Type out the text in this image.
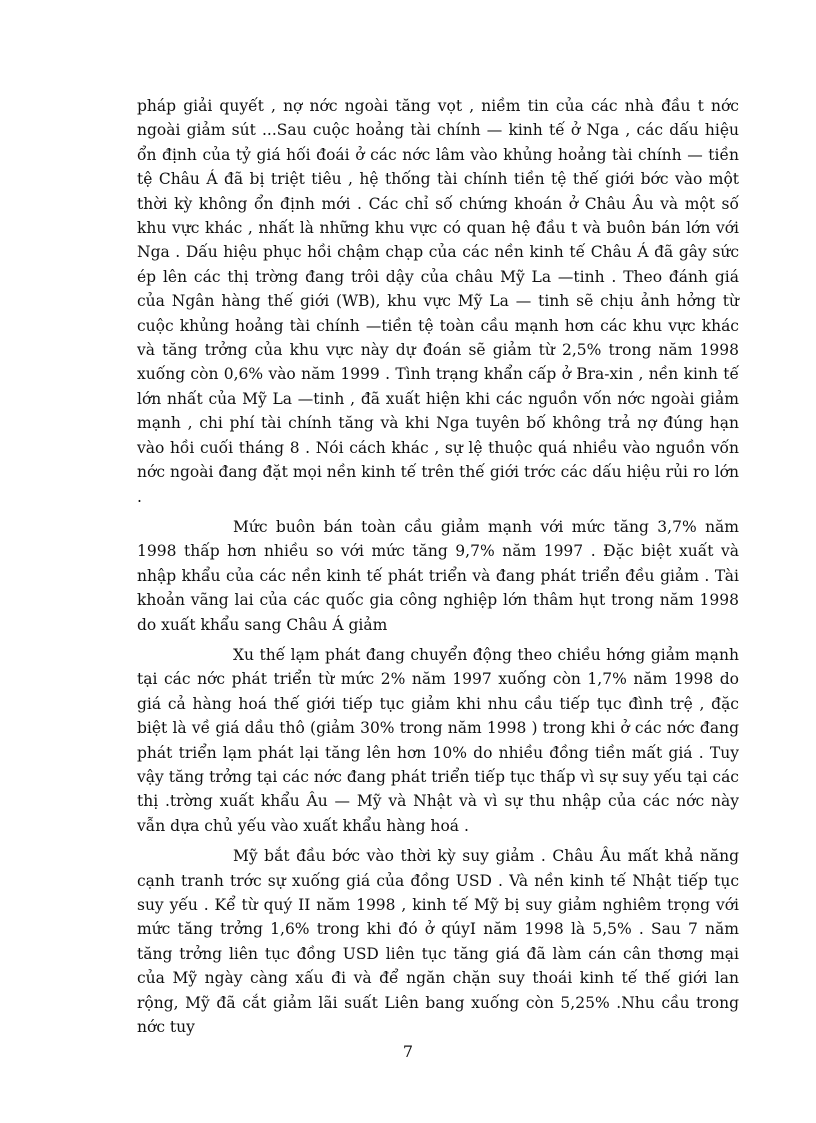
pháp giải quyết , nợ nớc ngoài tăng vọt , niềm tin của các nhà đầu t nớc ngoài giảm sút ...Sau cuộc hoảng tài chính — kinh tế ở Nga , các dấu hiệu ổn định của tỷ giá hối đoái ở các nớc lâm vào khủng hoảng tài chính — tiền tệ Châu Á đã bị triệt tiêu , hệ thống tài chính tiền tệ thế giới bớc vào một thời kỳ không ổn định mới . Các chỉ số chứng khoán ở Châu Âu và một số khu vực khác , nhất là những khu vực có quan hệ đầu t và buôn bán lớn với Nga . Dấu hiệu phục hồi chậm chạp của các nền kinh tế Châu Á đã gây sức ép lên các thị trờng đang trôi dậy của châu Mỹ La —tinh . Theo đánh giá của Ngân hàng thế giới (WB), khu vực Mỹ La — tinh sẽ chịu ảnh hởng từ cuộc khủng hoảng tài chính —tiền tệ toàn cầu mạnh hơn các khu vực khác và tăng trởng của khu vực này dự đoán sẽ giảm từ 2,5% trong năm 1998 xuống còn 0,6% vào năm 1999 . Tình trạng khẩn cấp ở Bra-xin , nền kinh tế lớn nhất của Mỹ La —tinh , đã xuất hiện khi các nguồn vốn nớc ngoài giảm mạnh , chi phí tài chính tăng và khi Nga tuyên bố không trả nợ đúng hạn vào hồi cuối tháng 8 . Nói cách khác , sự lệ thuộc quá nhiều vào nguồn vốn nớc ngoài đang đặt mọi nền kinh tế trên thế giới trớc các dấu hiệu rủi ro lớn .

Mức buôn bán toàn cầu giảm mạnh với mức tăng 3,7% năm 1998 thấp hơn nhiều so với mức tăng 9,7% năm 1997 . Đặc biệt xuất và nhập khẩu của các nền kinh tế phát triển và đang phát triển đều giảm . Tài khoản vãng lai của các quốc gia công nghiệp lớn thâm hụt trong năm 1998 do xuất khẩu sang Châu Á giảm

Xu thế lạm phát đang chuyển động theo chiều hớng giảm mạnh tại các nớc phát triển từ mức 2% năm 1997 xuống còn 1,7% năm 1998 do giá cả hàng hoá thế giới tiếp tục giảm khi nhu cầu tiếp tục đình trệ , đặc biệt là về giá dầu thô (giảm 30% trong năm 1998 ) trong khi ở các nớc đang phát triển lạm phát lại tăng lên hơn 10% do nhiều đồng tiền mất giá . Tuy vậy tăng trởng tại các nớc đang phát triển tiếp tục thấp vì sự suy yếu tại các thị .trờng xuất khẩu Âu — Mỹ và Nhật và vì sự thu nhập của các nớc này vẫn dựa chủ yếu vào xuất khẩu hàng hoá .

Mỹ bắt đầu bớc vào thời kỳ suy giảm . Châu Âu mất khả năng cạnh tranh trớc sự xuống giá của đồng USD . Và nền kinh tế Nhật tiếp tục suy yếu . Kể từ quý II năm 1998 , kinh tế Mỹ bị suy giảm nghiêm trọng với mức tăng trởng 1,6% trong khi đó ở qúyI năm 1998 là 5,5% . Sau 7 năm tăng trởng liên tục đồng USD liên tục tăng giá đã làm cán cân thơng mại của Mỹ ngày càng xấu đi và để ngăn chặn suy thoái kinh tế thế giới lan rộng, Mỹ đã cắt giảm lãi suất Liên bang xuống còn 5,25% .Nhu cầu trong nớc tuy

7
